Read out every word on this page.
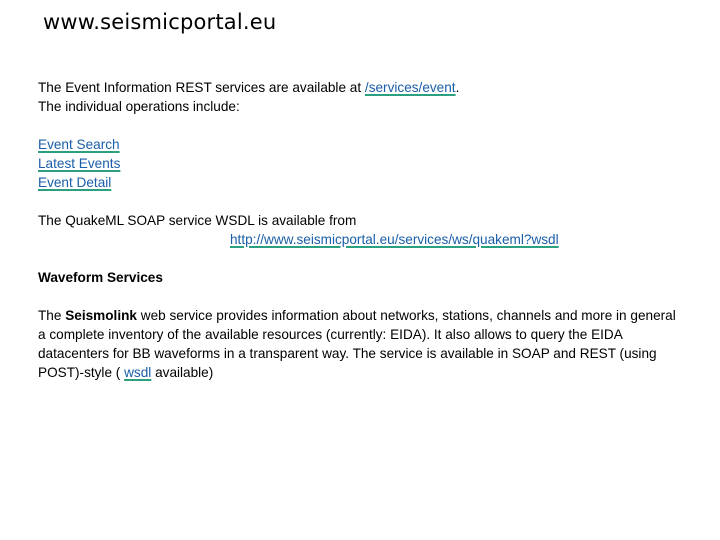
www.seismicportal.eu

The Event Information REST services are available at /services/event.
The individual operations include:

Event Search
Latest Events
Event Detail

The QuakeML SOAP service WSDL is available from
http://www.seismicportal.eu/services/ws/quakeml?wsdl

Waveform Services

The Seismolink web service provides information about networks, stations, channels and more in general a complete inventory of the available resources (currently: EIDA). It also allows to query the EIDA datacenters for BB waveforms in a transparent way. The service is available in SOAP and REST (using POST)-style ( wsdl available)
